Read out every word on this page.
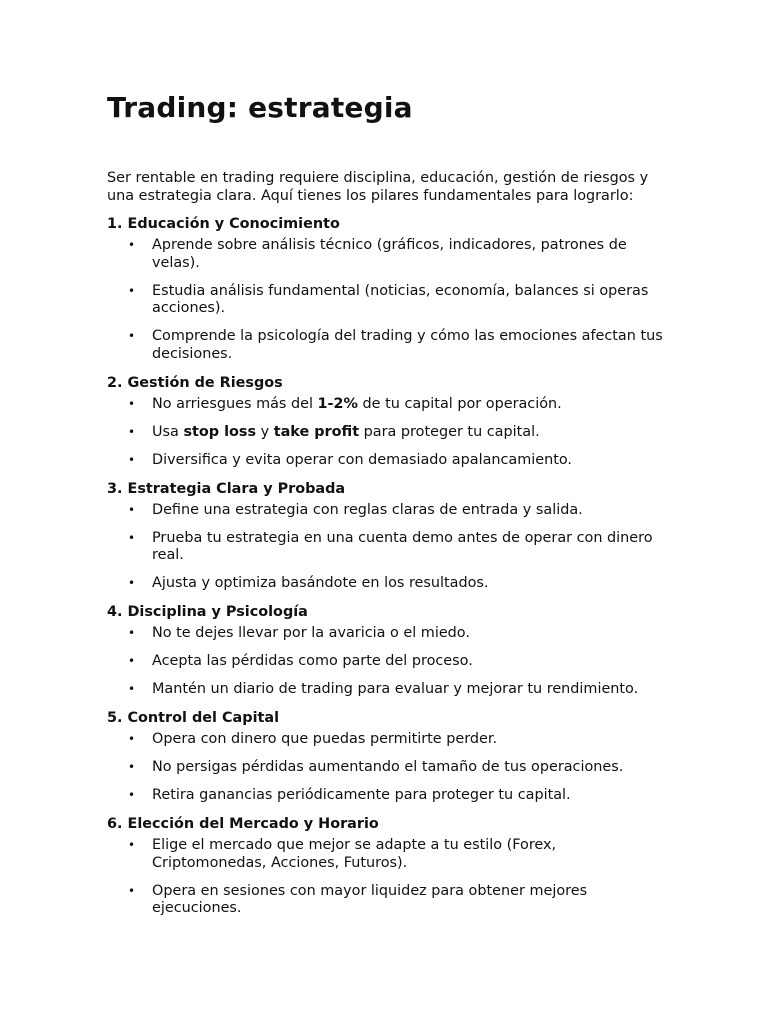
Trading: estrategia

Ser rentable en trading requiere disciplina, educación, gestión de riesgos y una estrategia clara. Aquí tienes los pilares fundamentales para lograrlo:

1. Educación y Conocimiento
• Aprende sobre análisis técnico (gráficos, indicadores, patrones de velas).
• Estudia análisis fundamental (noticias, economía, balances si operas acciones).
• Comprende la psicología del trading y cómo las emociones afectan tus decisiones.
2. Gestión de Riesgos
• No arriesgues más del 1-2% de tu capital por operación.
• Usa stop loss y take profit para proteger tu capital.
• Diversifica y evita operar con demasiado apalancamiento.
3. Estrategia Clara y Probada
• Define una estrategia con reglas claras de entrada y salida.
• Prueba tu estrategia en una cuenta demo antes de operar con dinero real.
• Ajusta y optimiza basándote en los resultados.
4. Disciplina y Psicología
• No te dejes llevar por la avaricia o el miedo.
• Acepta las pérdidas como parte del proceso.
• Mantén un diario de trading para evaluar y mejorar tu rendimiento.
5. Control del Capital
• Opera con dinero que puedas permitirte perder.
• No persigas pérdidas aumentando el tamaño de tus operaciones.
• Retira ganancias periódicamente para proteger tu capital.
6. Elección del Mercado y Horario
• Elige el mercado que mejor se adapte a tu estilo (Forex, Criptomonedas, Acciones, Futuros).
• Opera en sesiones con mayor liquidez para obtener mejores ejecuciones.
